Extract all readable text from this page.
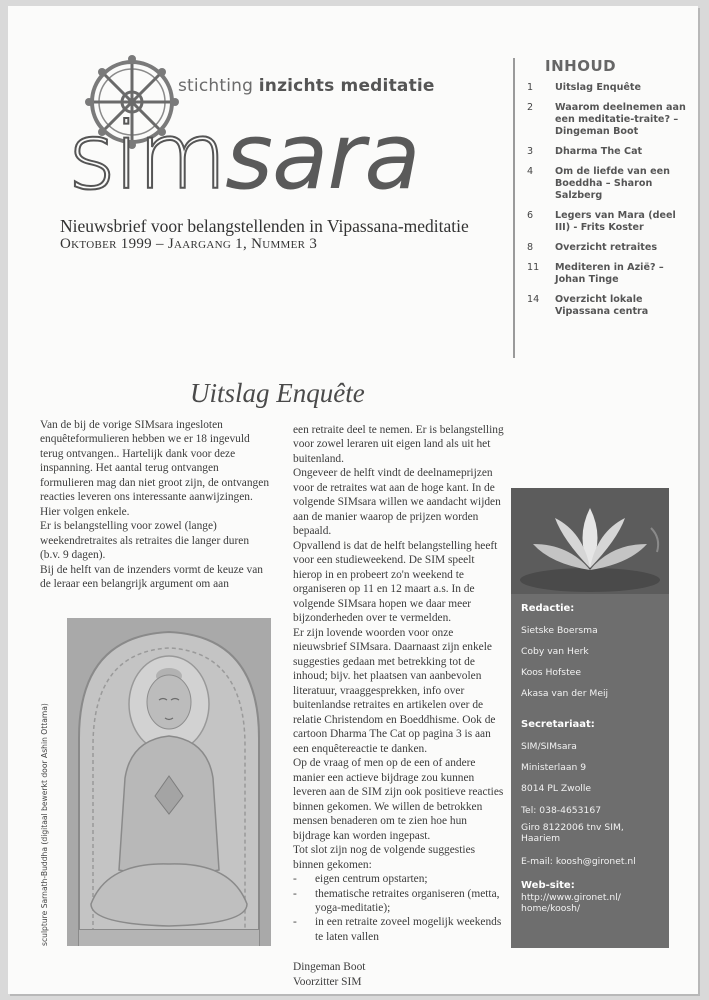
stichting inzichts meditatie
simsara
Nieuwsbrief voor belangstellenden in Vipassana-meditatie
Oktober 1999 – Jaargang 1, Nummer 3
INHOUD
1	Uitslag Enquête
2	Waarom deelnemen aan een meditatie-traite? – Dingeman Boot
3	Dharma The Cat
4	Om de liefde van een Boeddha – Sharon Salzberg
6	Legers van Mara (deel III) - Frits Koster
8	Overzicht retraites
11	Mediteren in Azië? – Johan Tinge
14	Overzicht lokale Vipassana centra
Uitslag Enquête

Van de bij de vorige SIMsara ingesloten enquêteformulieren hebben we er 18 ingevuld terug ontvangen.. Hartelijk dank voor deze inspanning. Het aantal terug ontvangen formulieren mag dan niet groot zijn, de ontvangen reacties leveren ons interessante aanwijzingen. Hier volgen enkele.

Er is belangstelling voor zowel (lange) weekendretraites als retraites die langer duren (b.v. 9 dagen).

Bij de helft van de inzenders vormt de keuze van de leraar een belangrijk argument om aan

sculpture Sarnath-Buddha (digitaal bewerkt door Ashin Ottama)

een retraite deel te nemen. Er is belangstelling voor zowel leraren uit eigen land als uit het buitenland.

Ongeveer de helft vindt de deelnameprijzen voor de retraites wat aan de hoge kant. In de volgende SIMsara willen we aandacht wijden aan de manier waarop de prijzen worden bepaald.

Opvallend is dat de helft belangstelling heeft voor een studieweekend. De SIM speelt hierop in en probeert zo'n weekend te organiseren op 11 en 12 maart a.s. In de volgende SIMsara hopen we daar meer bijzonderheden over te vermelden.

Er zijn lovende woorden voor onze nieuwsbrief SIMsara. Daarnaast zijn enkele suggesties gedaan met betrekking tot de inhoud; bijv. het plaatsen van aanbevolen literatuur, vraaggesprekken, info over buitenlandse retraites en artikelen over de relatie Christendom en Boeddhisme. Ook de cartoon Dharma The Cat op pagina 3 is aan een enquêtereactie te danken.

Op de vraag of men op de een of andere manier een actieve bijdrage zou kunnen leveren aan de SIM zijn ook positieve reacties binnen gekomen. We willen de betrokken mensen benaderen om te zien hoe hun bijdrage kan worden ingepast.

Tot slot zijn nog de volgende suggesties binnen gekomen:

-	eigen centrum opstarten;
-	thematische retraites organiseren (metta, yoga-meditatie);
-	in een retraite zoveel mogelijk weekends te laten vallen

Dingeman Boot

Voorzitter SIM

Redactie:
Sietske Boersma
Coby van Herk
Koos Hofstee
Akasa van der Meij
Secretariaat:
SIM/SIMsara
Ministerlaan 9
8014 PL Zwolle
Tel: 038-4653167
Giro 8122006 tnv SIM, Haariem
E-mail: koosh@gironet.nl
Web-site:
http://www.gironet.nl/ home/koosh/
